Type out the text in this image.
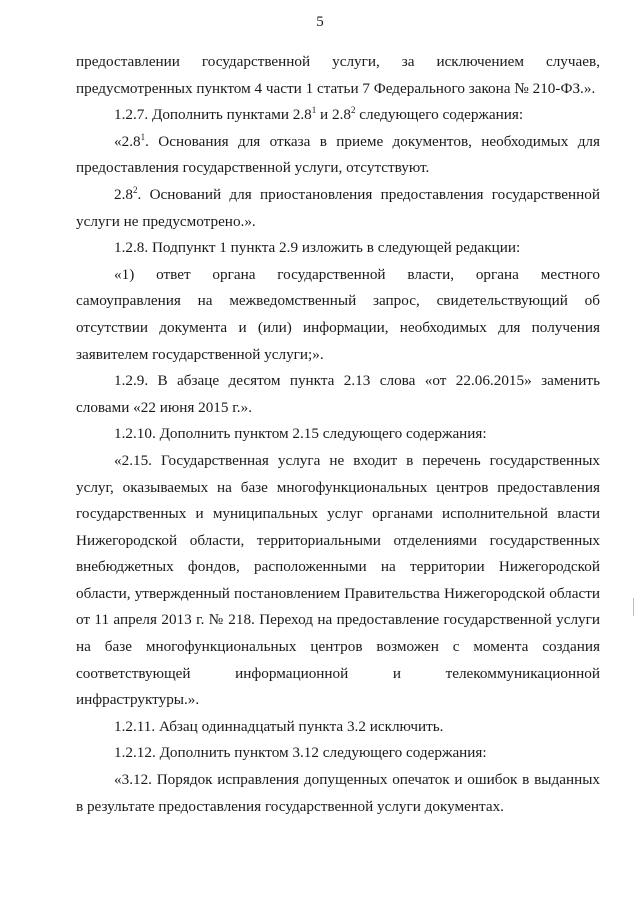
5

предоставлении государственной услуги, за исключением случаев, предусмотренных пунктом 4 части 1 статьи 7 Федерального закона № 210-ФЗ.».

1.2.7. Дополнить пунктами $2.8^1$ и $2.8^2$ следующего содержания:

«$2.8^1$. Основания для отказа в приеме документов, необходимых для предоставления государственной услуги, отсутствуют.

$2.8^2$. Оснований для приостановления предоставления государственной услуги не предусмотрено.».

1.2.8. Подпункт 1 пункта 2.9 изложить в следующей редакции:

«1) ответ органа государственной власти, органа местного самоуправления на межведомственный запрос, свидетельствующий об отсутствии документа и (или) информации, необходимых для получения заявителем государственной услуги;».

1.2.9. В абзаце десятом пункта 2.13 слова «от 22.06.2015» заменить словами «22 июня 2015 г.».

1.2.10. Дополнить пунктом 2.15 следующего содержания:

«2.15. Государственная услуга не входит в перечень государственных услуг, оказываемых на базе многофункциональных центров предоставления государственных и муниципальных услуг органами исполнительной власти Нижегородской области, территориальными отделениями государственных внебюджетных фондов, расположенными на территории Нижегородской области, утвержденный постановлением Правительства Нижегородской области от 11 апреля 2013 г. № 218. Переход на предоставление государственной услуги на базе многофункциональных центров возможен с момента создания соответствующей информационной и телекоммуникационной инфраструктуры.».

1.2.11. Абзац одиннадцатый пункта 3.2 исключить.

1.2.12. Дополнить пунктом 3.12 следующего содержания:

«3.12. Порядок исправления допущенных опечаток и ошибок в выданных в результате предоставления государственной услуги документах.
